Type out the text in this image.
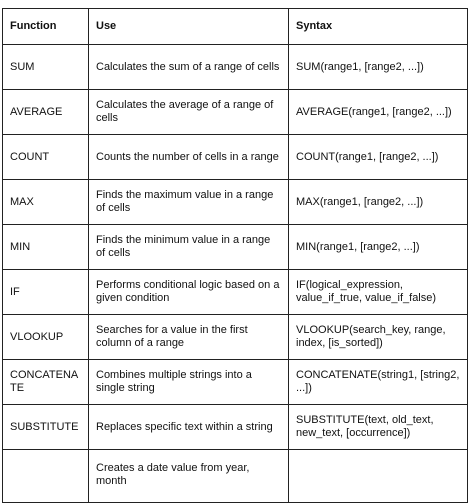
Function	Use	Syntax
SUM	Calculates the sum of a range of cells	SUM(range1, [range2, ...])
AVERAGE	Calculates the average of a range of cells	AVERAGE(range1, [range2, ...])
COUNT	Counts the number of cells in a range	COUNT(range1, [range2, ...])
MAX	Finds the maximum value in a range of cells	MAX(range1, [range2, ...])
MIN	Finds the minimum value in a range of cells	MIN(range1, [range2, ...])
IF	Performs conditional logic based on a given condition	IF(logical_expression, value_if_true, value_if_false)
VLOOKUP	Searches for a value in the first column of a range	VLOOKUP(search_key, range, index, [is_sorted])
CONCATENATE	Combines multiple strings into a single string	CONCATENATE(string1, [string2, ...])
SUBSTITUTE	Replaces specific text within a string	SUBSTITUTE(text, old_text, new_text, [occurrence])
	Creates a date value from year, month	
